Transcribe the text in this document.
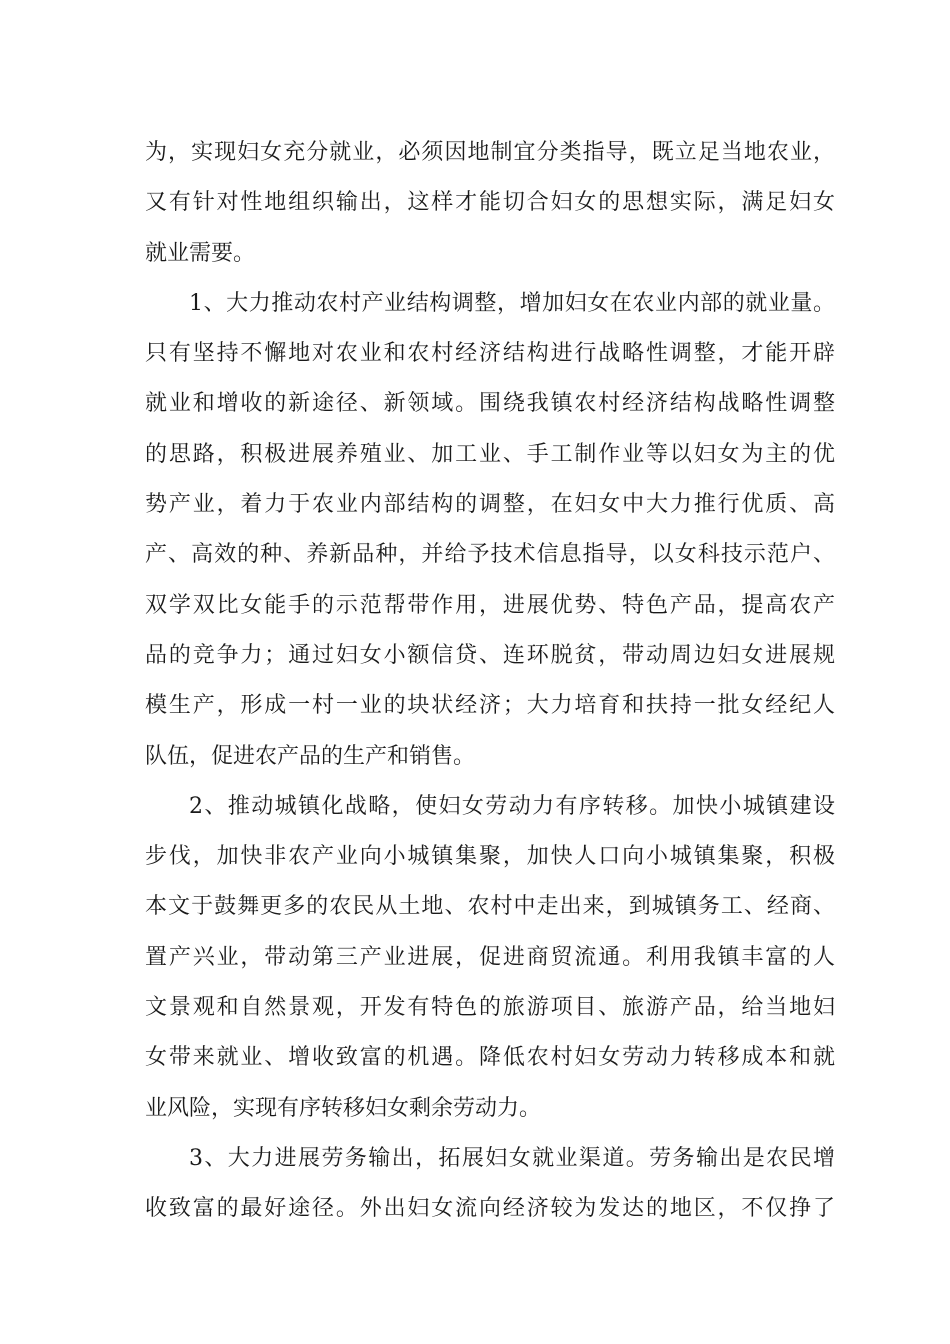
为，实现妇女充分就业，必须因地制宜分类指导，既立足当地农业，
又有针对性地组织输出，这样才能切合妇女的思想实际，满足妇女
就业需要。
1、大力推动农村产业结构调整，增加妇女在农业内部的就业量。
只有坚持不懈地对农业和农村经济结构进行战略性调整，才能开辟
就业和增收的新途径、新领域。围绕我镇农村经济结构战略性调整
的思路，积极进展养殖业、加工业、手工制作业等以妇女为主的优
势产业，着力于农业内部结构的调整，在妇女中大力推行优质、高
产、高效的种、养新品种，并给予技术信息指导，以女科技示范户、
双学双比女能手的示范帮带作用，进展优势、特色产品，提高农产
品的竞争力；通过妇女小额信贷、连环脱贫，带动周边妇女进展规
模生产，形成一村一业的块状经济；大力培育和扶持一批女经纪人
队伍，促进农产品的生产和销售。
2、推动城镇化战略，使妇女劳动力有序转移。加快小城镇建设
步伐，加快非农产业向小城镇集聚，加快人口向小城镇集聚，积极
本文于鼓舞更多的农民从土地、农村中走出来，到城镇务工、经商、
置产兴业，带动第三产业进展，促进商贸流通。利用我镇丰富的人
文景观和自然景观，开发有特色的旅游项目、旅游产品，给当地妇
女带来就业、增收致富的机遇。降低农村妇女劳动力转移成本和就
业风险，实现有序转移妇女剩余劳动力。
3、大力进展劳务输出，拓展妇女就业渠道。劳务输出是农民增
收致富的最好途径。外出妇女流向经济较为发达的地区，不仅挣了
